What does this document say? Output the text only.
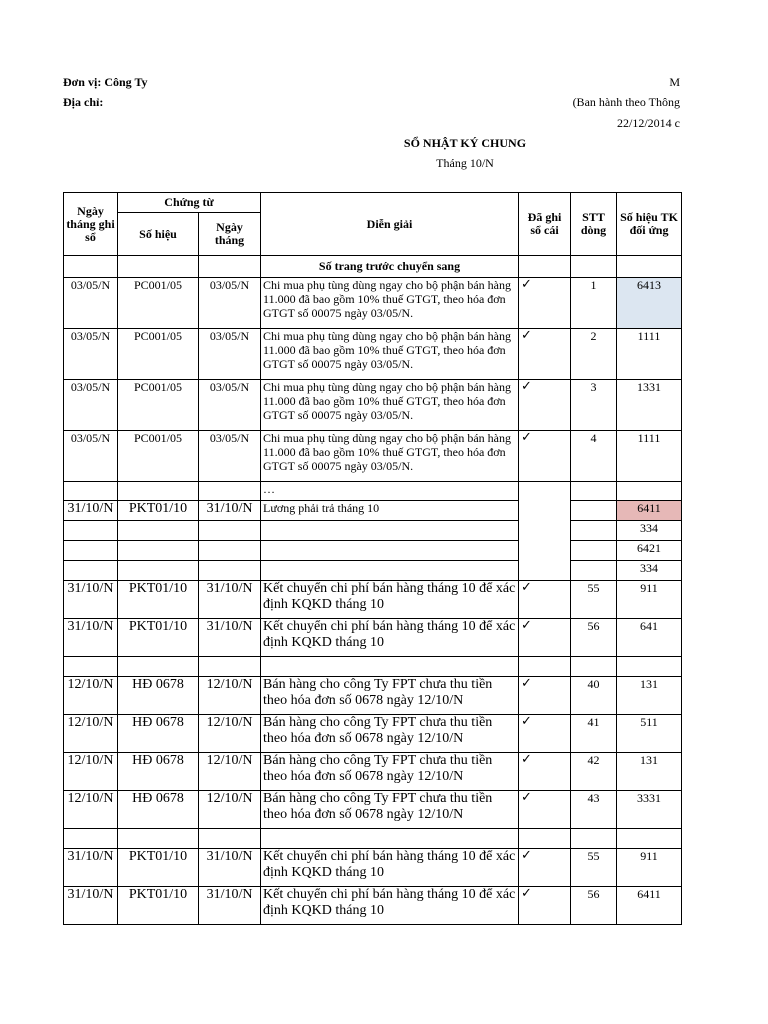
Đơn vị: Công Ty
Địa chỉ:
M
(Ban hành theo Thông
22/12/2014 c
SỔ NHẬT KÝ CHUNG
Tháng 10/N
Ngày tháng ghi sổ	Chứng từ		Diễn giải	Đã ghi sổ cái	STT dòng	Số hiệu TK đối ứng
	Số hiệu	Ngày tháng				
			Số trang trước chuyển sang			
03/05/N	PC001/05	03/05/N	Chi mua phụ tùng dùng ngay cho bộ phận bán hàng 11.000 đã bao gồm 10% thuế GTGT, theo hóa đơn GTGT số 00075 ngày 03/05/N.	✓	1	6413
03/05/N	PC001/05	03/05/N	Chi mua phụ tùng dùng ngay cho bộ phận bán hàng 11.000 đã bao gồm 10% thuế GTGT, theo hóa đơn GTGT số 00075 ngày 03/05/N.	✓	2	1111
03/05/N	PC001/05	03/05/N	Chi mua phụ tùng dùng ngay cho bộ phận bán hàng 11.000 đã bao gồm 10% thuế GTGT, theo hóa đơn GTGT số 00075 ngày 03/05/N.	✓	3	1331
03/05/N	PC001/05	03/05/N	Chi mua phụ tùng dùng ngay cho bộ phận bán hàng 11.000 đã bao gồm 10% thuế GTGT, theo hóa đơn GTGT số 00075 ngày 03/05/N.	✓	4	1111
			…			
31/10/N	PKT01/10	31/10/N	Lương phải trả tháng 10			6411
						334
						6421
						334
31/10/N	PKT01/10	31/10/N	Kết chuyển chi phí bán hàng tháng 10 để xác định KQKD tháng 10	✓	55	911
31/10/N	PKT01/10	31/10/N	Kết chuyển chi phí bán hàng tháng 10 để xác định KQKD tháng 10	✓	56	641

12/10/N	HĐ 0678	12/10/N	Bán hàng cho công Ty FPT chưa thu tiền theo hóa đơn số 0678 ngày 12/10/N	✓	40	131
12/10/N	HĐ 0678	12/10/N	Bán hàng cho công Ty FPT chưa thu tiền theo hóa đơn số 0678 ngày 12/10/N	✓	41	511
12/10/N	HĐ 0678	12/10/N	Bán hàng cho công Ty FPT chưa thu tiền theo hóa đơn số 0678 ngày 12/10/N	✓	42	131
12/10/N	HĐ 0678	12/10/N	Bán hàng cho công Ty FPT chưa thu tiền theo hóa đơn số 0678 ngày 12/10/N	✓	43	3331

31/10/N	PKT01/10	31/10/N	Kết chuyển chi phí bán hàng tháng 10 để xác định KQKD tháng 10	✓	55	911
31/10/N	PKT01/10	31/10/N	Kết chuyển chi phí bán hàng tháng 10 để xác định KQKD tháng 10	✓	56	6411
